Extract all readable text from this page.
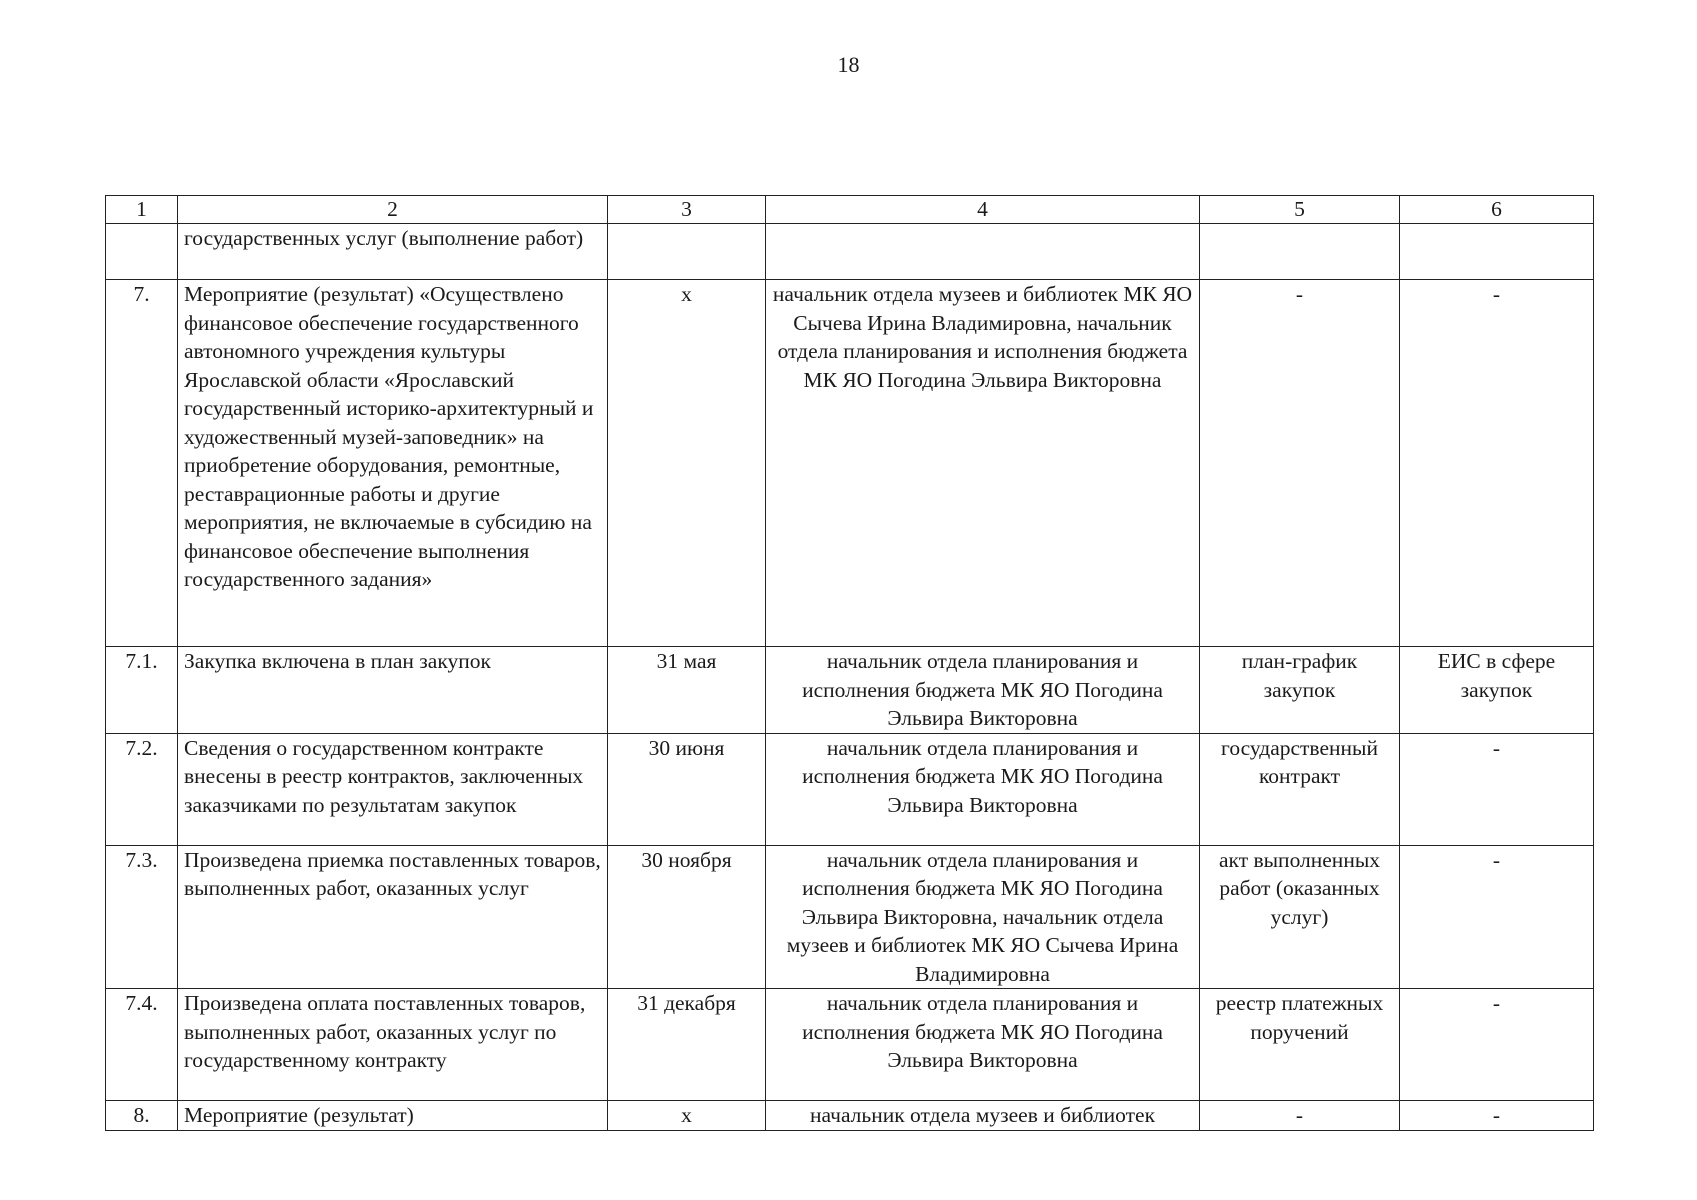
18
1	2	3	4	5	6
	государственных услуг (выполнение работ)				
7.	Мероприятие (результат) «Осуществлено финансовое обеспечение государственного автономного учреждения культуры Ярославской области «Ярославский государственный историко-архитектурный и художественный музей-заповедник» на приобретение оборудования, ремонтные, реставрационные работы и другие мероприятия, не включаемые в субсидию на финансовое обеспечение выполнения государственного задания»	х	начальник отдела музеев и библиотек МК ЯО Сычева Ирина Владимировна, начальник отдела планирования и исполнения бюджета МК ЯО Погодина Эльвира Викторовна	-	-
7.1.	Закупка включена в план закупок	31 мая	начальник отдела планирования и исполнения бюджета МК ЯО Погодина Эльвира Викторовна	план-график закупок	ЕИС в сфере закупок
7.2.	Сведения о государственном контракте внесены в реестр контрактов, заключенных заказчиками по результатам закупок	30 июня	начальник отдела планирования и исполнения бюджета МК ЯО Погодина Эльвира Викторовна	государственный контракт	-
7.3.	Произведена приемка поставленных товаров, выполненных работ, оказанных услуг	30 ноября	начальник отдела планирования и исполнения бюджета МК ЯО Погодина Эльвира Викторовна, начальник отдела музеев и библиотек МК ЯО Сычева Ирина Владимировна	акт выполненных работ (оказанных услуг)	-
7.4.	Произведена оплата поставленных товаров, выполненных работ, оказанных услуг по государственному контракту	31 декабря	начальник отдела планирования и исполнения бюджета МК ЯО Погодина Эльвира Викторовна	реестр платежных поручений	-
8.	Мероприятие (результат)	х	начальник отдела музеев и библиотек	-	-
